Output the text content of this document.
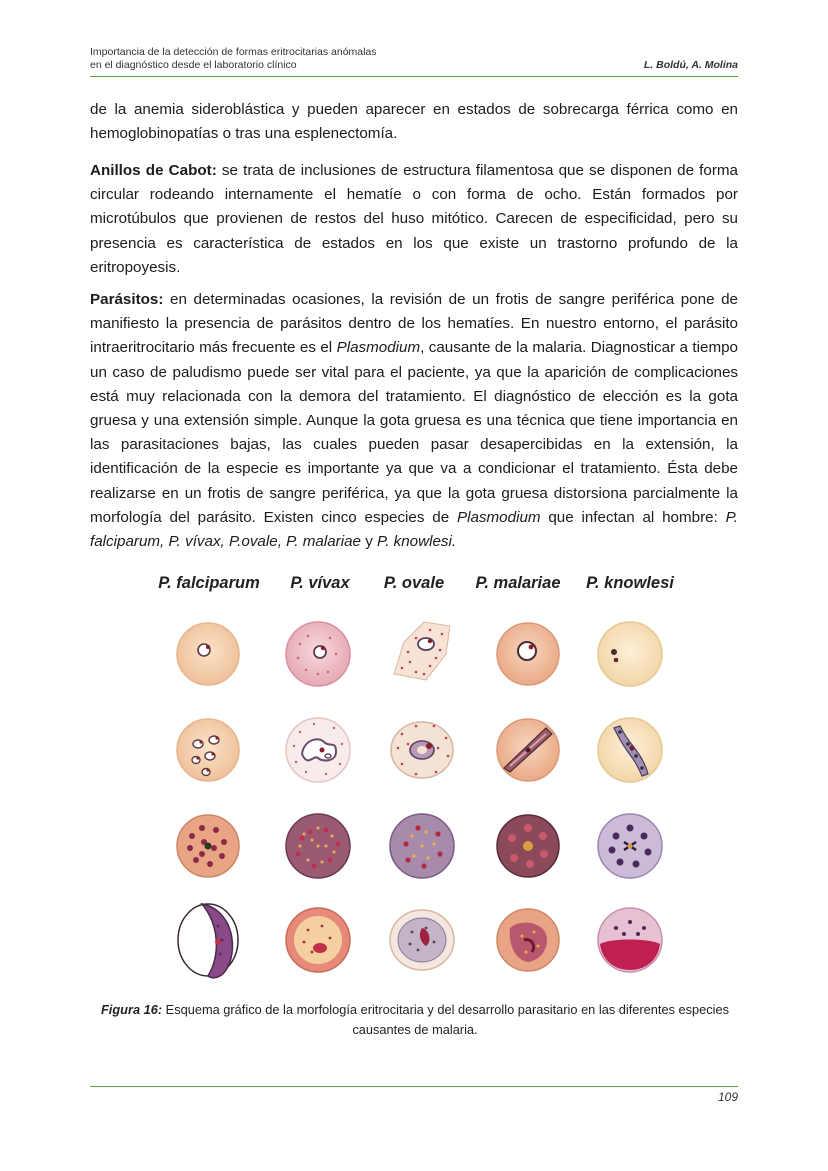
Importancia de la detección de formas eritrocitarias anómalas
en el diagnóstico desde el laboratorio clínico	L. Boldú, A. Molina

de la anemia sideroblástica y pueden aparecer en estados de sobrecarga férrica como en hemoglobinopatías o tras una esplenectomía.

Anillos de Cabot: se trata de inclusiones de estructura filamentosa que se disponen de forma circular rodeando internamente el hematíe o con forma de ocho. Están formados por microtúbulos que provienen de restos del huso mitótico. Carecen de especificidad, pero su presencia es característica de estados en los que existe un trastorno profundo de la eritropoyesis.

Parásitos: en determinadas ocasiones, la revisión de un frotis de sangre periférica pone de manifiesto la presencia de parásitos dentro de los hematíes. En nuestro entorno, el parásito intraeritrocitario más frecuente es el Plasmodium, causante de la malaria. Diagnosticar a tiempo un caso de paludismo puede ser vital para el paciente, ya que la aparición de complicaciones está muy relacionada con la demora del tratamiento. El diagnóstico de elección es la gota gruesa y una extensión simple. Aunque la gota gruesa es una técnica que tiene importancia en las parasitaciones bajas, las cuales pueden pasar desapercibidas en la extensión, la identificación de la especie es importante ya que va a condicionar el tratamiento. Ésta debe realizarse en un frotis de sangre periférica, ya que la gota gruesa distorsiona parcialmente la morfología del parásito. Existen cinco especies de Plasmodium que infectan al hombre: P. falciparum, P. vívax, P.ovale, P. malariae y P. knowlesi.

P. falciparum	P. vívax	P. ovale	P. malariae	P. knowlesi
Figura 16: Esquema gráfico de la morfología eritrocitaria y del desarrollo parasitario en las diferentes especies causantes de malaria.
109
